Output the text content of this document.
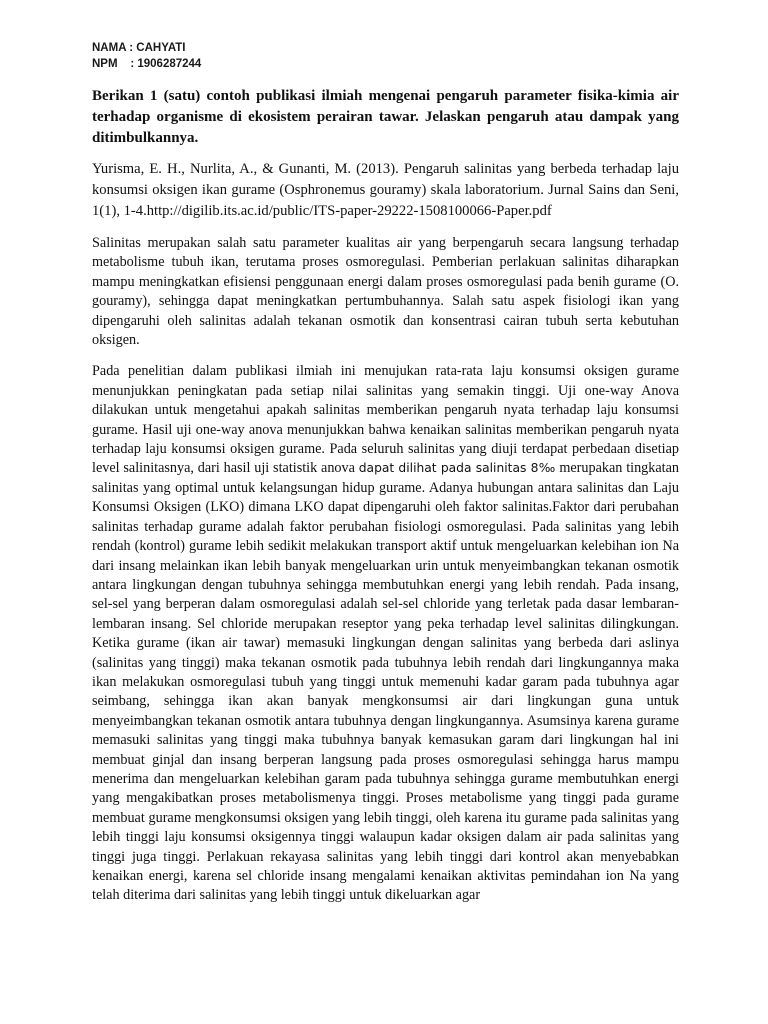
NAMA : CAHYATI
NPM    : 1906287244
Berikan 1 (satu) contoh publikasi ilmiah mengenai pengaruh parameter fisika-kimia air terhadap organisme di ekosistem perairan tawar. Jelaskan pengaruh atau dampak yang ditimbulkannya.
Yurisma, E. H., Nurlita, A., & Gunanti, M. (2013). Pengaruh salinitas yang berbeda terhadap laju konsumsi oksigen ikan gurame (Osphronemus gouramy) skala laboratorium. Jurnal Sains dan Seni, 1(1), 1-4.http://digilib.its.ac.id/public/ITS-paper-29222-1508100066-Paper.pdf
Salinitas merupakan salah satu parameter kualitas air yang berpengaruh secara langsung terhadap metabolisme tubuh ikan, terutama proses osmoregulasi. Pemberian perlakuan salinitas diharapkan mampu meningkatkan efisiensi penggunaan energi dalam proses osmoregulasi pada benih gurame (O. gouramy), sehingga dapat meningkatkan pertumbuhannya. Salah satu aspek fisiologi ikan yang dipengaruhi oleh salinitas adalah tekanan osmotik dan konsentrasi cairan tubuh serta kebutuhan oksigen.
Pada penelitian dalam publikasi ilmiah ini menujukan rata-rata laju konsumsi oksigen gurame menunjukkan peningkatan pada setiap nilai salinitas yang semakin tinggi. Uji one-way Anova dilakukan untuk mengetahui apakah salinitas memberikan pengaruh nyata terhadap laju konsumsi gurame. Hasil uji one-way anova menunjukkan bahwa kenaikan salinitas memberikan pengaruh nyata terhadap laju konsumsi oksigen gurame. Pada seluruh salinitas yang diuji terdapat perbedaan disetiap level salinitasnya, dari hasil uji statistik anova dapat dilihat pada salinitas 8‰ merupakan tingkatan salinitas yang optimal untuk kelangsungan hidup gurame. Adanya hubungan antara salinitas dan Laju Konsumsi Oksigen (LKO) dimana LKO dapat dipengaruhi oleh faktor salinitas.Faktor dari perubahan salinitas terhadap gurame adalah faktor perubahan fisiologi osmoregulasi. Pada salinitas yang lebih rendah (kontrol) gurame lebih sedikit melakukan transport aktif untuk mengeluarkan kelebihan ion Na dari insang melainkan ikan lebih banyak mengeluarkan urin untuk menyeimbangkan tekanan osmotik antara lingkungan dengan tubuhnya sehingga membutuhkan energi yang lebih rendah. Pada insang, sel-sel yang berperan dalam osmoregulasi adalah sel-sel chloride yang terletak pada dasar lembaran-lembaran insang. Sel chloride merupakan reseptor yang peka terhadap level salinitas dilingkungan. Ketika gurame (ikan air tawar) memasuki lingkungan dengan salinitas yang berbeda dari aslinya (salinitas yang tinggi) maka tekanan osmotik pada tubuhnya lebih rendah dari lingkungannya maka ikan melakukan osmoregulasi tubuh yang tinggi untuk memenuhi kadar garam pada tubuhnya agar seimbang, sehingga ikan akan banyak mengkonsumsi air dari lingkungan guna untuk menyeimbangkan tekanan osmotik antara tubuhnya dengan lingkungannya. Asumsinya karena gurame memasuki salinitas yang tinggi maka tubuhnya banyak kemasukan garam dari lingkungan hal ini membuat ginjal dan insang berperan langsung pada proses osmoregulasi sehingga harus mampu menerima dan mengeluarkan kelebihan garam pada tubuhnya sehingga gurame membutuhkan energi yang mengakibatkan proses metabolismenya tinggi. Proses metabolisme yang tinggi pada gurame membuat gurame mengkonsumsi oksigen yang lebih tinggi, oleh karena itu gurame pada salinitas yang lebih tinggi laju konsumsi oksigennya tinggi walaupun kadar oksigen dalam air pada salinitas yang tinggi juga tinggi. Perlakuan rekayasa salinitas yang lebih tinggi dari kontrol akan menyebabkan kenaikan energi, karena sel chloride insang mengalami kenaikan aktivitas pemindahan ion Na yang telah diterima dari salinitas yang lebih tinggi untuk dikeluarkan agar
